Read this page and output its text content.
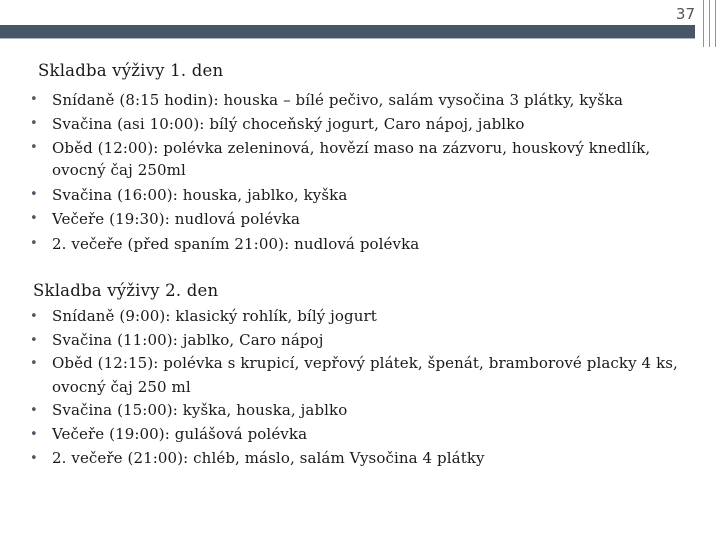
37

Skladba výživy 1. den

• Snídaně (8:15 hodin): houska – bílé pečivo, salám vysočina 3 plátky, kyška
• Svačina (asi 10:00): bílý choceňský jogurt, Caro nápoj, jablko
• Oběd (12:00): polévka zeleninová, hovězí maso na zázvoru, houskový knedlík, ovocný čaj 250ml
• Svačina (16:00): houska, jablko, kyška
• Večeře (19:30): nudlová polévka
• 2. večeře (před spaním 21:00): nudlová polévka

Skladba výživy 2. den

• Snídaně (9:00): klasický rohlík, bílý jogurt
• Svačina (11:00): jablko, Caro nápoj
• Oběd (12:15): polévka s krupicí, vepřový plátek, špenát, bramborové placky 4 ks, ovocný čaj 250 ml
• Svačina (15:00): kyška, houska, jablko
• Večeře (19:00): gulášová polévka
• 2. večeře (21:00): chléb, máslo, salám Vysočina 4 plátky
